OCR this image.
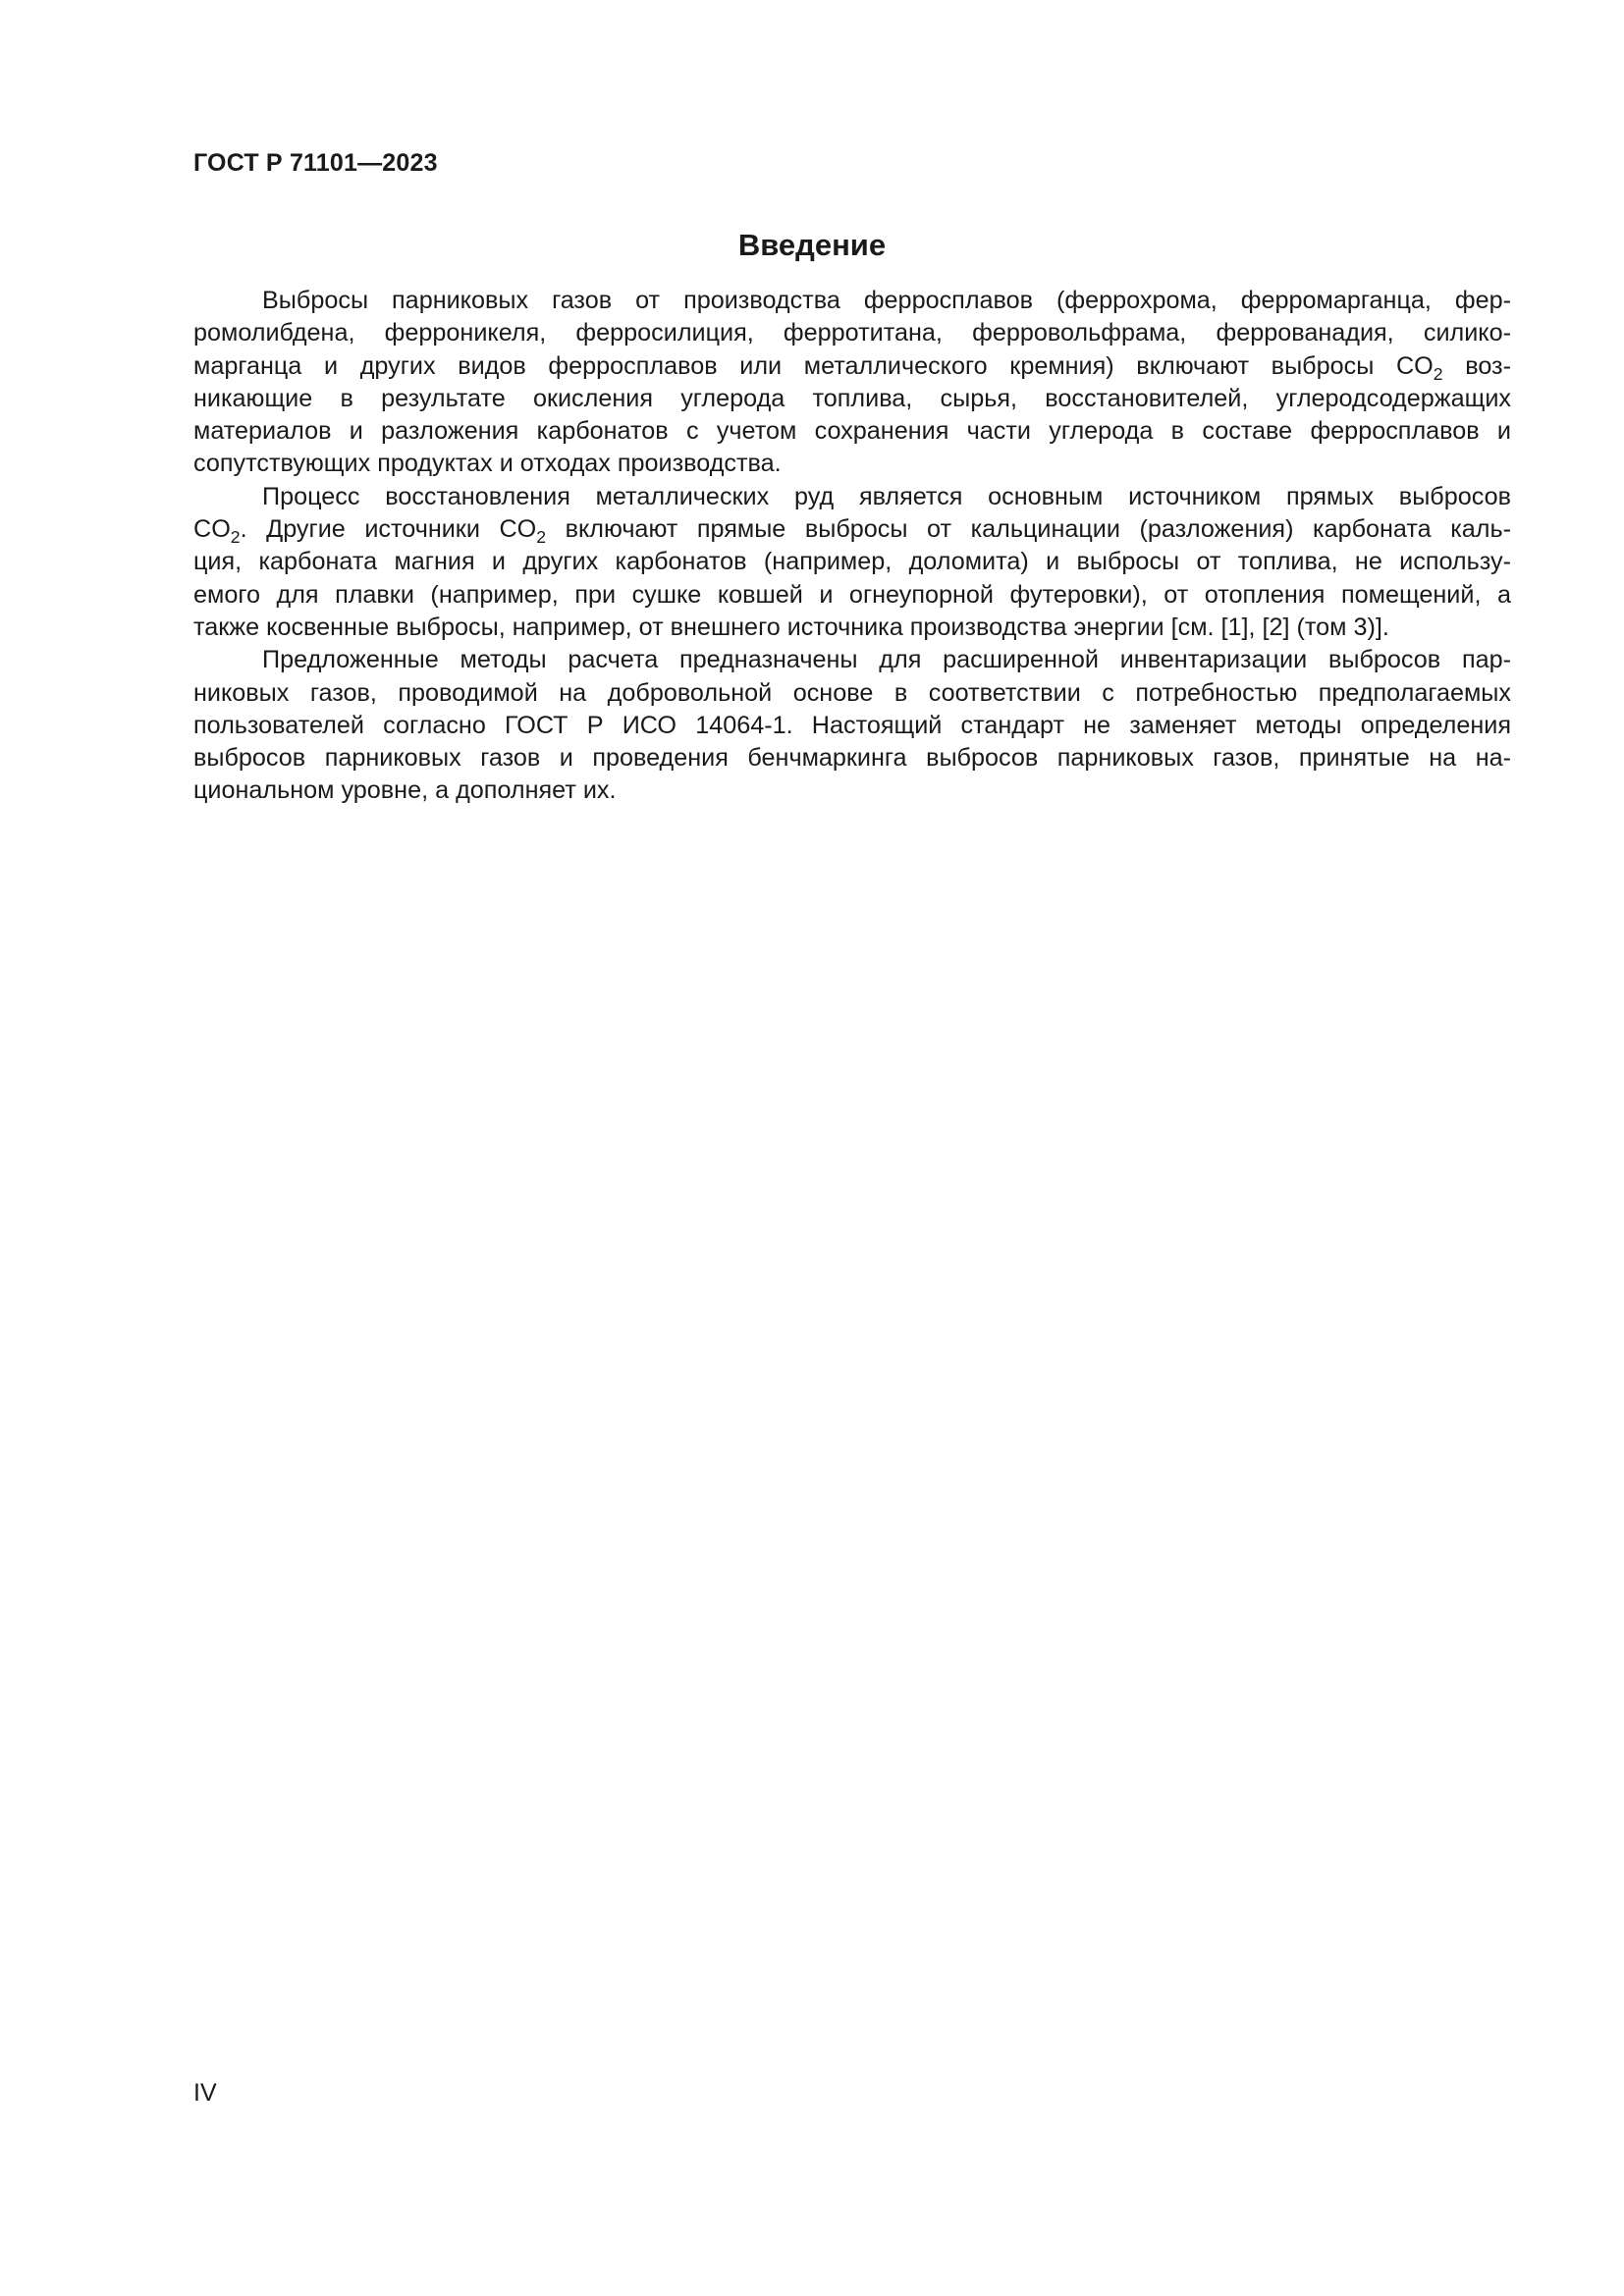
ГОСТ Р 71101—2023
Введение
Выбросы парниковых газов от производства ферросплавов (феррохрома, ферромарганца, фер-
ромолибдена, ферроникеля, ферросилиция, ферротитана, ферровольфрама, феррованадия, силико-
марганца и других видов ферросплавов или металлического кремния) включают выбросы $CO_2$ воз-
никающие в результате окисления углерода топлива, сырья, восстановителей, углеродсодержащих
материалов и разложения карбонатов с учетом сохранения части углерода в составе ферросплавов и
сопутствующих продуктах и отходах производства.
Процесс восстановления металлических руд является основным источником прямых выбросов
$CO_2$. Другие источники $CO_2$ включают прямые выбросы от кальцинации (разложения) карбоната каль-
ция, карбоната магния и других карбонатов (например, доломита) и выбросы от топлива, не использу-
емого для плавки (например, при сушке ковшей и огнеупорной футеровки), от отопления помещений, а
также косвенные выбросы, например, от внешнего источника производства энергии [см. [1], [2] (том 3)].
Предложенные методы расчета предназначены для расширенной инвентаризации выбросов пар-
никовых газов, проводимой на добровольной основе в соответствии с потребностью предполагаемых
пользователей согласно ГОСТ Р ИСО 14064-1. Настоящий стандарт не заменяет методы определения
выбросов парниковых газов и проведения бенчмаркинга выбросов парниковых газов, принятые на на-
циональном уровне, а дополняет их.
IV
